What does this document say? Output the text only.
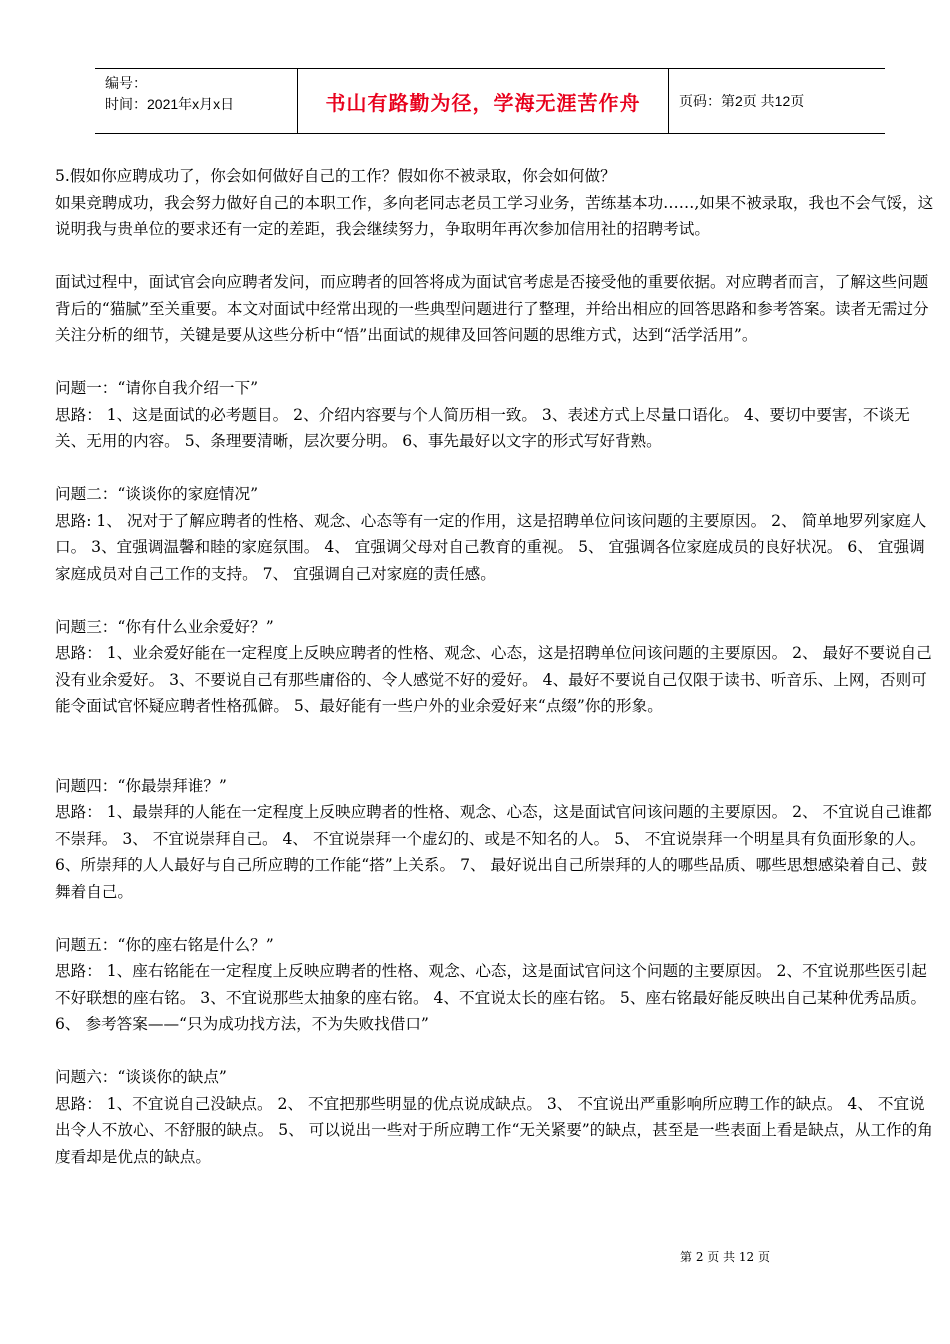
编号：
时间：2021年x月x日	书山有路勤为径，学海无涯苦作舟	页码：第2页 共12页

5.假如你应聘成功了，你会如何做好自己的工作？假如你不被录取，你会如何做？

如果竞聘成功，我会努力做好自己的本职工作，多向老同志老员工学习业务，苦练基本功……,如果不被录取，我也不会气馁，这说明我与贵单位的要求还有一定的差距，我会继续努力，争取明年再次参加信用社的招聘考试。

面试过程中，面试官会向应聘者发问，而应聘者的回答将成为面试官考虑是否接受他的重要依据。对应聘者而言，了解这些问题背后的“猫腻”至关重要。本文对面试中经常出现的一些典型问题进行了整理，并给出相应的回答思路和参考答案。读者无需过分关注分析的细节，关键是要从这些分析中“悟”出面试的规律及回答问题的思维方式，达到“活学活用”。

问题一：“请你自我介绍一下”

思路： 1、这是面试的必考题目。 2、介绍内容要与个人简历相一致。 3、表述方式上尽量口语化。 4、要切中要害，不谈无关、无用的内容。 5、条理要清晰，层次要分明。 6、事先最好以文字的形式写好背熟。

问题二：“谈谈你的家庭情况”

思路: 1、 况对于了解应聘者的性格、观念、心态等有一定的作用，这是招聘单位问该问题的主要原因。 2、 简单地罗列家庭人口。 3、宜强调温馨和睦的家庭氛围。 4、 宜强调父母对自己教育的重视。 5、 宜强调各位家庭成员的良好状况。 6、 宜强调家庭成员对自己工作的支持。 7、 宜强调自己对家庭的责任感。

问题三：“你有什么业余爱好？”

思路： 1、业余爱好能在一定程度上反映应聘者的性格、观念、心态，这是招聘单位问该问题的主要原因。 2、 最好不要说自己没有业余爱好。 3、不要说自己有那些庸俗的、令人感觉不好的爱好。 4、最好不要说自己仅限于读书、听音乐、上网，否则可能令面试官怀疑应聘者性格孤僻。 5、最好能有一些户外的业余爱好来“点缀”你的形象。

问题四：“你最崇拜谁？”

思路： 1、最崇拜的人能在一定程度上反映应聘者的性格、观念、心态，这是面试官问该问题的主要原因。 2、 不宜说自己谁都不崇拜。 3、 不宜说崇拜自己。 4、 不宜说崇拜一个虚幻的、或是不知名的人。 5、 不宜说崇拜一个明星具有负面形象的人。 6、所崇拜的人人最好与自己所应聘的工作能“搭”上关系。 7、 最好说出自己所崇拜的人的哪些品质、哪些思想感染着自己、鼓舞着自己。

问题五：“你的座右铭是什么？”

思路： 1、座右铭能在一定程度上反映应聘者的性格、观念、心态，这是面试官问这个问题的主要原因。 2、不宜说那些医引起不好联想的座右铭。 3、不宜说那些太抽象的座右铭。 4、不宜说太长的座右铭。 5、座右铭最好能反映出自己某种优秀品质。 6、 参考答案——“只为成功找方法，不为失败找借口”

问题六：“谈谈你的缺点”

思路： 1、不宜说自己没缺点。 2、 不宜把那些明显的优点说成缺点。 3、 不宜说出严重影响所应聘工作的缺点。 4、 不宜说出令人不放心、不舒服的缺点。 5、 可以说出一些对于所应聘工作“无关紧要”的缺点，甚至是一些表面上看是缺点，从工作的角度看却是优点的缺点。

第 2 页 共 12 页
